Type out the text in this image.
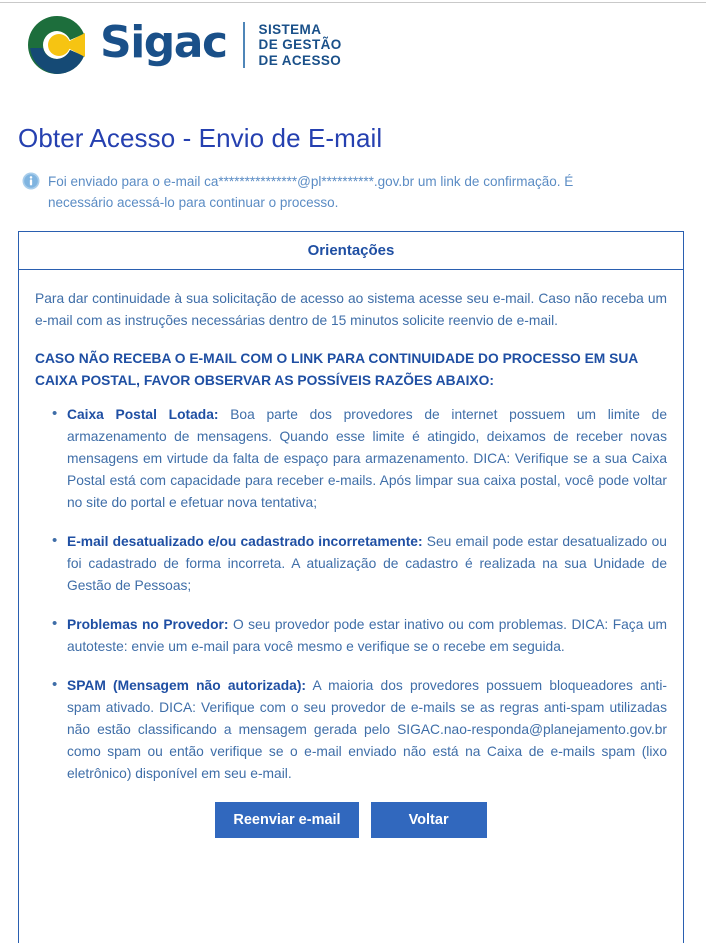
Sigac SISTEMA
DE GESTÃO
DE ACESSO
Obter Acesso - Envio de E-mail
Foi enviado para o e-mail ca***************@pl**********.gov.br um link de confirmação. É necessário acessá-lo para continuar o processo.
Orientações

Para dar continuidade à sua solicitação de acesso ao sistema acesse seu e-mail. Caso não receba um e-mail com as instruções necessárias dentro de 15 minutos solicite reenvio de e-mail.

CASO NÃO RECEBA O E-MAIL COM O LINK PARA CONTINUIDADE DO PROCESSO EM SUA CAIXA POSTAL, FAVOR OBSERVAR AS POSSÍVEIS RAZÕES ABAIXO:

• Caixa Postal Lotada: Boa parte dos provedores de internet possuem um limite de armazenamento de mensagens. Quando esse limite é atingido, deixamos de receber novas mensagens em virtude da falta de espaço para armazenamento. DICA: Verifique se a sua Caixa Postal está com capacidade para receber e-mails. Após limpar sua caixa postal, você pode voltar no site do portal e efetuar nova tentativa;
• E-mail desatualizado e/ou cadastrado incorretamente: Seu email pode estar desatualizado ou foi cadastrado de forma incorreta. A atualização de cadastro é realizada na sua Unidade de Gestão de Pessoas;
• Problemas no Provedor: O seu provedor pode estar inativo ou com problemas. DICA: Faça um autoteste: envie um e-mail para você mesmo e verifique se o recebe em seguida.
• SPAM (Mensagem não autorizada): A maioria dos provedores possuem bloqueadores anti-spam ativado. DICA: Verifique com o seu provedor de e-mails se as regras anti-spam utilizadas não estão classificando a mensagem gerada pelo SIGAC.nao-responda@planejamento.gov.br como spam ou então verifique se o e-mail enviado não está na Caixa de e-mails spam (lixo eletrônico) disponível em seu e-mail.
Reenviar e-mail	Voltar
